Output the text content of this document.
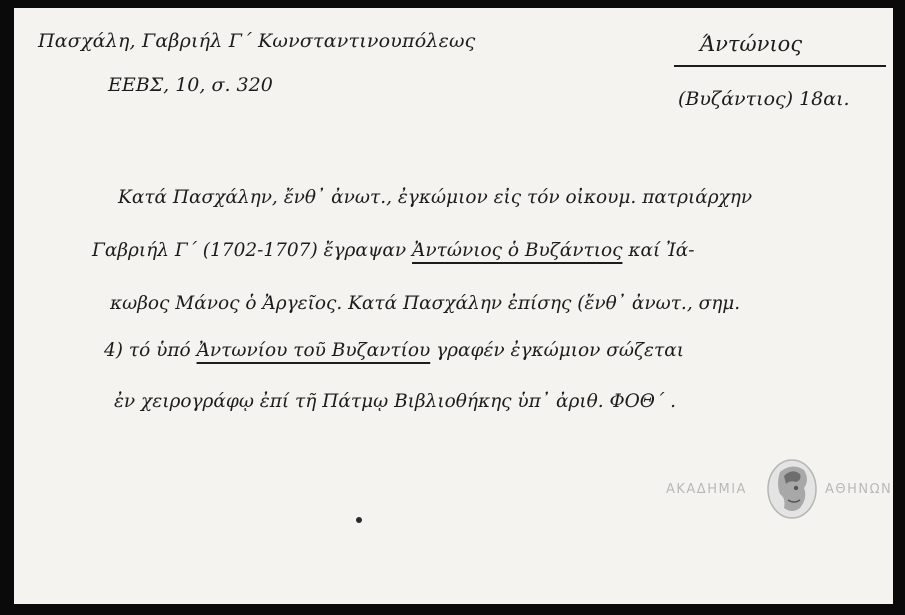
Πασχάλη, Γαβριήλ Γ΄ Κωνσταντινουπόλεως
ΕΕΒΣ, 10, σ. 320
Άντώνιος
(Βυζάντιος) 18αι.
Κατά Πασχάλην, ἔνθ᾽ ἀνωτ., ἐγκώμιον εἰς τόν οἰκουμ. πατριάρχην
Γαβριήλ Γ΄ (1702-1707) ἔγραψαν Ἀντώνιος ὁ Βυζάντιος καί Ἰά-
κωβος Μάνος ὁ Ἀργεῖος. Κατά Πασχάλην ἐπίσης (ἔνθ᾽ ἀνωτ., σημ.
4) τό ὑπό Ἀντωνίου τοῦ Βυζαντίου γραφέν ἐγκώμιον σώζεται
ἐν χειρογράφῳ ἐπί τῆ Πάτμῳ Βιβλιοθήκης ὑπ᾽ ἀριθ. ΦΟΘ΄ .
ΑΚΑΔΗΜΙΑ	ΑΘΗΝΩΝ
